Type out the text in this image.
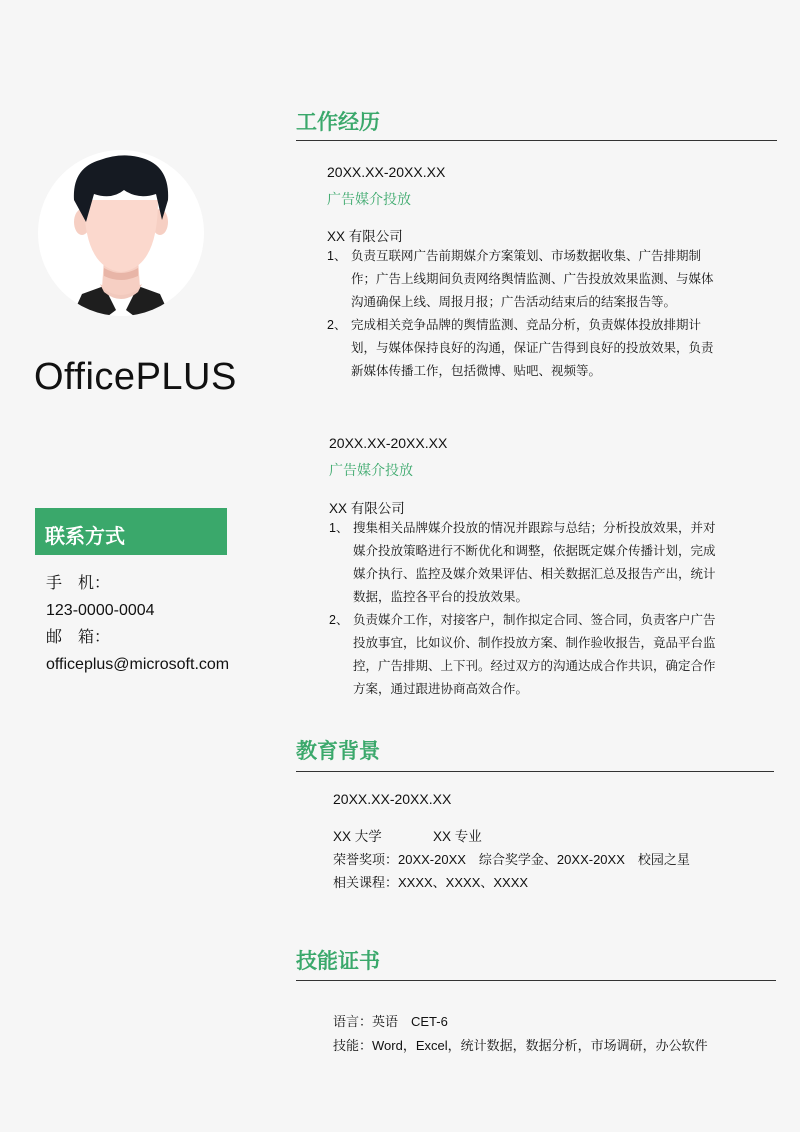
OfficePLUS
联系方式
手　机：
123-0000-0004
邮　箱：
officeplus@microsoft.com
工作经历
20XX.XX-20XX.XX
广告媒介投放
XX 有限公司
1、 负责互联网广告前期媒介方案策划、市场数据收集、广告排期制作；广告上线期间负责网络舆情监测、广告投放效果监测、与媒体沟通确保上线、周报月报；广告活动结束后的结案报告等。
2、 完成相关竞争品牌的舆情监测、竞品分析，负责媒体投放排期计划，与媒体保持良好的沟通，保证广告得到良好的投放效果，负责新媒体传播工作，包括微博、贴吧、视频等。
20XX.XX-20XX.XX
广告媒介投放
XX 有限公司
1、 搜集相关品牌媒介投放的情况并跟踪与总结；分析投放效果，并对媒介投放策略进行不断优化和调整，依据既定媒介传播计划，完成媒介执行、监控及媒介效果评估、相关数据汇总及报告产出，统计数据，监控各平台的投放效果。
2、 负责媒介工作，对接客户，制作拟定合同、签合同，负责客户广告投放事宜，比如议价、制作投放方案、制作验收报告，竟品平台监控，广告排期、上下刊。经过双方的沟通达成合作共识，确定合作方案，通过跟进协商高效合作。
教育背景
20XX.XX-20XX.XX
XX 大学	XX 专业
荣誉奖项：20XX-20XX　综合奖学金、20XX-20XX　校园之星
相关课程：XXXX、XXXX、XXXX
技能证书
语言：英语　CET-6
技能：Word，Excel，统计数据，数据分析，市场调研，办公软件
